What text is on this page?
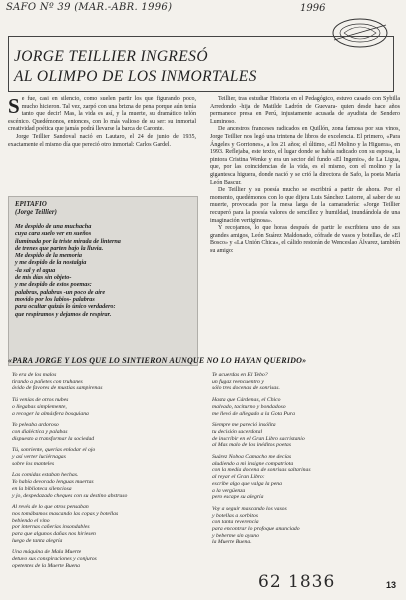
SAFO Nº 39 (MAR.-ABR. 1996)	1996
JORGE TEILLIER INGRESÓ
AL OLIMPO DE LOS INMORTALES

Se fue, casi en silencio, como suelen partir los que figurando poco, mucho hicieron. Tal vez, zarpó con una brizna de pena porque aún tenía tanto que decir! Mas, la vida es así, y la muerte, su dramático telón escénico. Quedémonos, entonces, con lo más valioso de su ser: su inmortal creatividad poética que jamás podrá llevarse la barca de Caronte.

Jorge Teillier Sandoval nació en Lautaro, el 24 de junio de 1935, exactamente el mismo día que pereció otro inmortal: Carlos Gardel.

EPITAFIO
(Jorge Teillier)
Me despido de una muchacha
cuya cara suelo ver en sueños
iluminada por la triste mirada de linterna
de trenes que parten bajo la lluvia.
Me despido de la memoria
y me despido de la nostalgia
-la sal y el agua
de mis días sin objeto-
y me despido de estos poemas:
palabras, palabras -un poco de aire
movido por los labios- palabras
para ocultar quizás lo único verdadero:
que respiramos y dejamos de respirar.

Teillier, tras estudiar Historia en el Pedagógico, estuvo casado con Sybilla Arredondo -hija de Matilde Ladrón de Guevara- quien desde hace años permanece presa en Perú, injustamente acusada de ayudista de Sendero Luminoso.

De ancestros franceses radicados en Quillón, zona famosa por sus vinos, Jorge Teillier nos legó una trintena de libros de excelencia. El primero, «Para Ángeles y Gorriones», a los 21 años; el último, «El Molino y la Higuera», en 1993. Reflejaba, este texto, el lugar donde se había radicado con su esposa, la pintora Cristina Wenke y era un sector del fundo «El Ingenio», de La Ligua, que, por las coincidencias de la vida, es el mismo, con el molino y la gigantesca higuera, donde nació y se crió la directora de Safo, la poeta María León Bascur.

De Teillier y su poesía mucho se escribirá a partir de ahora. Por el momento, quedémonos con lo que dijera Luis Sánchez Latorre, al saber de su muerte, provocada por la mesa larga de la camaradería: «Jorge Teillier recuperó para la poesía valores de sencillez y humildad, inundándola de una imaginación vertiginosa».

Y recojamos, lo que horas después de partir le escribiera uno de sus grandes amigos, León Suárez Maldonado, cófrade de vasos y botellas, de «El Bosco» y «La Unión Chica», el cálido restorán de Wenceslao Álvarez, también su amigo:

«PARA JORGE Y LOS QUE LO SINTIERON AUNQUE NO LO HAYAN QUERIDO»
Yo era de los malos
tirando a pañetes con truhanes
ávido de favores de mustias sampirenas
Tú venías de otros nubes
o llegabas simplemente,
a recoger la almásfera bosquiana
Yo peleaba ardoroso
con dialéctica y palabas
dispuesto a transformar la sociedad
Tú, sonriente, querías enlodar el ojo
y así verter luciérnagas
sobre los manteles
Las comidas estaban hechas.
Yo había devorado lenguas muertas
en la biblioteca silenciosa
y jo, despedazado cheques con su destino abstruso
Al revés de lo que otros pensaban
nos tomábamos mascando las copas y botellas
bebiendo el vino
por internas cañerías insondables
para que algunos dañas nos hiriesen
luego de tanta alegría
Una máquina de Mala Muerte
detuvo sus conspiraciones y conjuros
opetentes de la Muerte Buena
Te acuerdas en El Tebo?
un fugaz reencuentro y
sólo tres docenas de sonrisas.
Hasta que Cárdenas, el Chico
malvado, taciturno y bondadoso
me llevó de allegado a la Gota Pura
Siempre me pareció insólita
tu decisión sacerdotal
de inscribir en el Gran Libro sacristanio
al Mas malo de los inéditos poetas
Suárez Noboa Camacho me decías
aludiendo a mi insigne compatriota
con la media docena de sonrisas saltarinas
al reyar el Gran Libro:
escribe algo que valga la pena
a la vergüenza
pero escape su alegría
Voy a seguir mascando los vasos
y botellas a sorbitos
con tanta reverencia
para encontrar lo profoque anunciado
y beberme sin ayuno
la Muerte Buena.
62 1836	13
